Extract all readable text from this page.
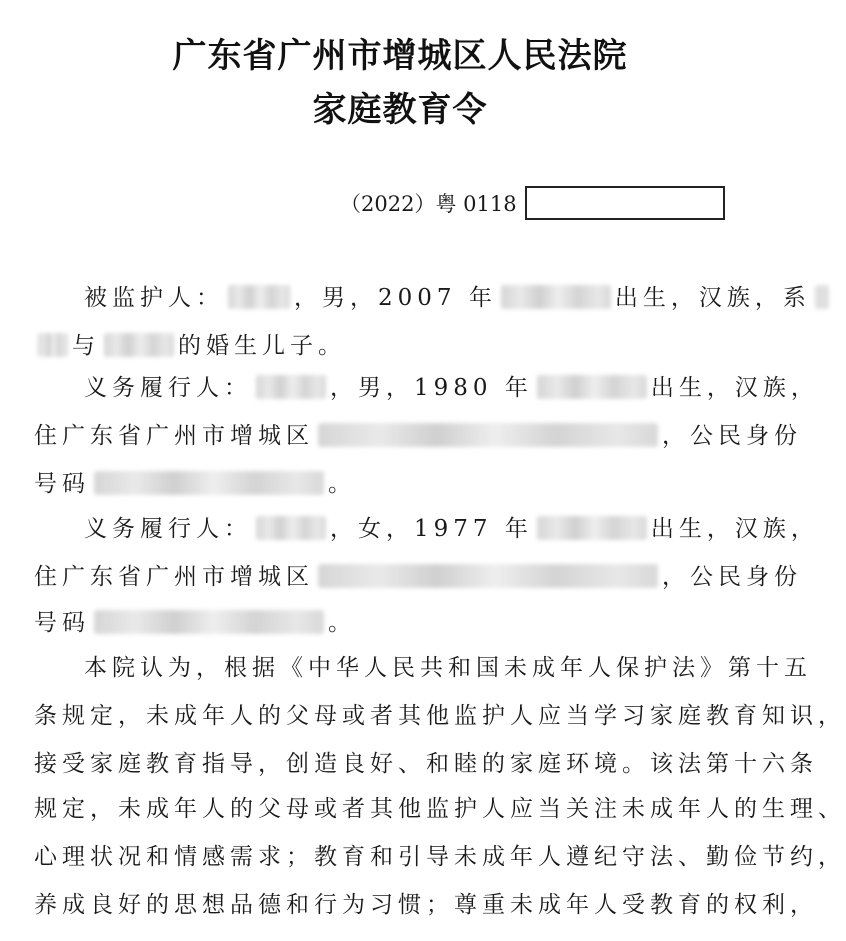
广东省广州市增城区人民法院
家庭教育令
（2022）粤 0118
被监护人：	，男，2007 年	出生，汉族，系
与	的婚生儿子。
义务履行人：	，男，1980 年	出生，汉族，
住广东省广州市增城区	，公民身份
号码	。
义务履行人：	，女，1977 年	出生，汉族，
住广东省广州市增城区	，公民身份
号码	。
本院认为，根据《中华人民共和国未成年人保护法》第十五
条规定，未成年人的父母或者其他监护人应当学习家庭教育知识，
接受家庭教育指导，创造良好、和睦的家庭环境。该法第十六条
规定，未成年人的父母或者其他监护人应当关注未成年人的生理、
心理状况和情感需求；教育和引导未成年人遵纪守法、勤俭节约，
养成良好的思想品德和行为习惯；尊重未成年人受教育的权利，
